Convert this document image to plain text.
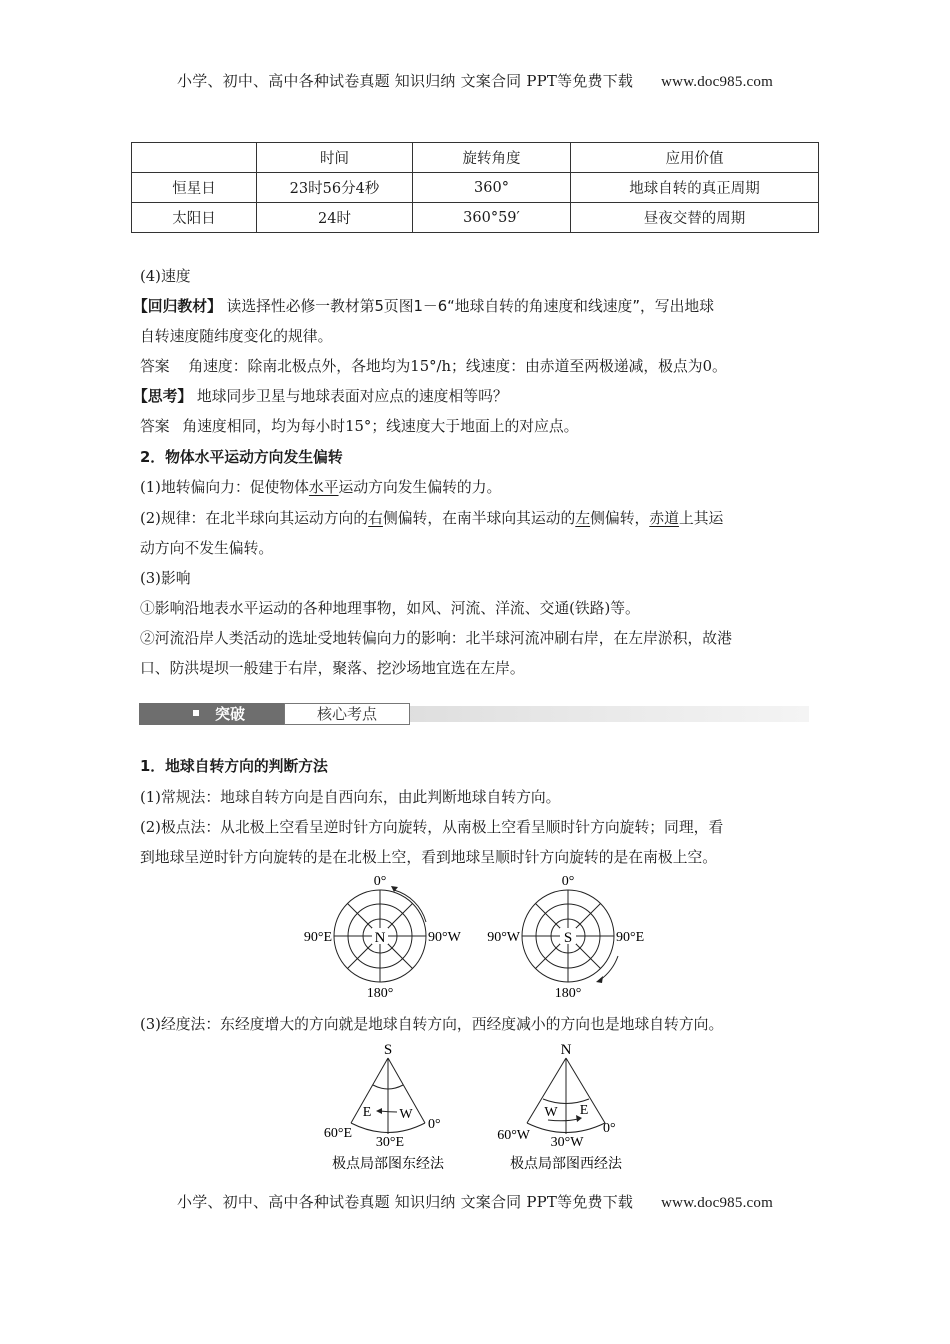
小学、初中、高中各种试卷真题 知识归纳 文案合同 PPT等免费下载 www.doc985.com
	时间	旋转角度	应用价值
恒星日	23时56分4秒	360°	地球自转的真正周期
太阳日	24时	360°59′	昼夜交替的周期
(4)速度
【回归教材】 读选择性必修一教材第5页图1－6“地球自转的角速度和线速度”，写出地球
自转速度随纬度变化的规律。
答案 角速度：除南北极点外，各地均为15°/h；线速度：由赤道至两极递减，极点为0。
【思考】 地球同步卫星与地球表面对应点的速度相等吗？
答案 角速度相同，均为每小时15°；线速度大于地面上的对应点。
2．物体水平运动方向发生偏转
(1)地转偏向力：促使物体水平运动方向发生偏转的力。
(2)规律：在北半球向其运动方向的右侧偏转，在南半球向其运动的左侧偏转，赤道上其运
动方向不发生偏转。
(3)影响
①影响沿地表水平运动的各种地理事物，如风、河流、洋流、交通(铁路)等。
②河流沿岸人类活动的选址受地转偏向力的影响：北半球河流冲刷右岸，在左岸淤积，故港
口、防洪堤坝一般建于右岸，聚落、挖沙场地宜选在左岸。
突破	核心考点
1．地球自转方向的判断方法
(1)常规法：地球自转方向是自西向东，由此判断地球自转方向。
(2)极点法：从北极上空看呈逆时针方向旋转，从南极上空看呈顺时针方向旋转；同理，看
到地球呈逆时针方向旋转的是在北极上空，看到地球呈顺时针方向旋转的是在南极上空。
N
0°
180°
90°E	90°W	S
0°
180°
90°W	90°E
(3)经度法：东经度增大的方向就是地球自转方向，西经度减小的方向也是地球自转方向。
S
E W
60°E
30°E
0°
极点局部图东经法
N
W E
60°W 30°W
0°
极点局部图西经法
小学、初中、高中各种试卷真题 知识归纳 文案合同 PPT等免费下载 www.doc985.com
